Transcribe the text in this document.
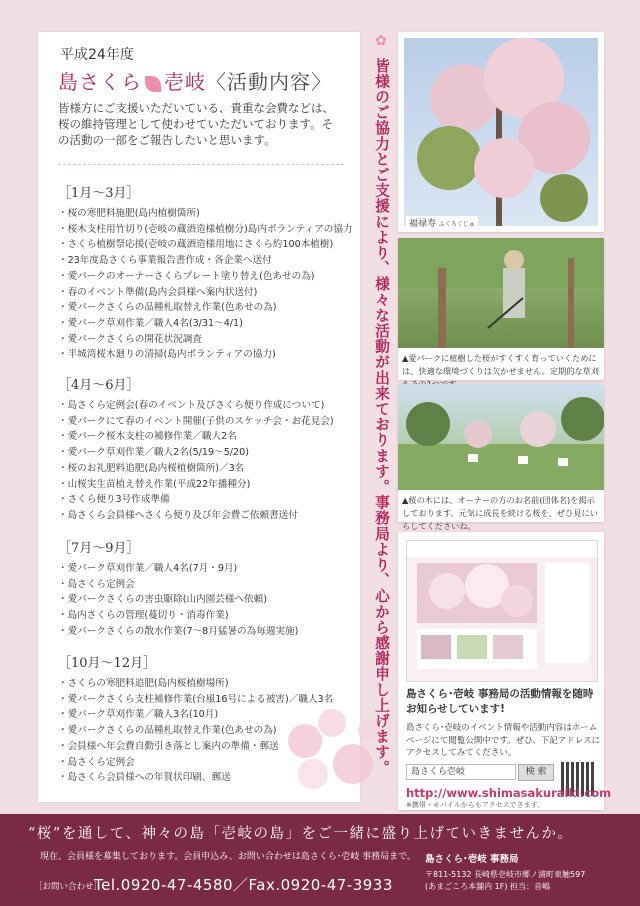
平成24年度
島さくら 壱岐〈活動内容〉
皆様方にご支援いただいている、貴重な会費などは、桜の維持管理として使わせていただいております。その活動の一部をご報告したいと思います。
［1月〜3月］
・桜の寒肥料施肥(島内植樹箇所)
・桜木支柱用竹切り(壱岐の蔵酒造様植樹分)島内ボランティアの協力
・さくら植樹祭応援(壱岐の蔵酒造様用地にさくら約100本植樹)
・23年度島さくら事業報告書作成・各企業へ送付
・愛パークのオーナーさくらプレート塗り替え(色あせの為)
・春のイベント準備(島内会員様へ案内状送付)
・愛パークさくらの品種札取替え作業(色あせの為)
・愛パーク草刈作業／職人4名(3/31〜4/1)
・愛パークさくらの開花状況調査
・半城湾桜木廻りの清掃(島内ボランティアの協力)
［4月〜6月］
・島さくら定例会(春のイベント及びさくら便り作成について)
・愛パークにて春のイベント開催(子供のスケッチ会・お花見会)
・愛パーク桜木支柱の補修作業／職人2名
・愛パーク草刈作業／職人2名(5/19〜5/20)
・桜のお礼肥料追肥(島内桜植樹箇所)／3名
・山桜実生苗植え替え作業(平成22年播種分)
・さくら便り3号作成準備
・島さくら会員様へさくら便り及び年会費ご依頼書送付
［7月〜9月］
・愛パーク草刈作業／職人4名(7月・9月)
・島さくら定例会
・愛パークさくらの害虫駆除(山内園芸様へ依頼)
・島内さくらの管理(蔓切り・消毒作業)
・愛パークさくらの散水作業(7〜8月猛暑の為毎週実施)
［10月〜12月］
・さくらの寒肥料追肥(島内桜植樹場所)
・愛パークさくら支柱補修作業(台風16号による被害)／職人3名
・愛パーク草刈作業／職人3名(10月)
・愛パークさくらの品種札取替え作業(色あせの為)
・会員様へ年会費自動引き落とし案内の準備・郵送
・島さくら定例会
・島さくら会員様への年賀状印刷、郵送
✿
皆様のご協力とご支援により、様々な活動が出来ております。事務局より、心から感謝申し上げます。	福禄寿 ふくろくじゅ
▲愛パークに植樹した桜がすくすく育っていくためには、快適な環境づくりは欠かせません。定期的な草刈
▲桜の木には、オーナーの方のお名前(団体名)を掲示しております。元気に成長を続ける桜を、ぜひ見にいらしてくださいね。
島さくら･壱岐 事務局の活動情報を随時お知らせしています!
島さくら･壱岐のイベント情報や活動内容はホームページにて閲覧公開中です。ぜひ、下記アドレスにアクセスしてみてください。
島さくら壱岐	検 索
http://www.shimasakuraiki.com
※携帯・モバイルからもアクセスできます。
“桜”を通して、神々の島「壱岐の島」をご一緒に盛り上げていきませんか。
現在、会員様を募集しております。会員申込み、お問い合わせは島さくら･壱岐 事務局まで。
［お問い合わせ］
Tel.0920-47-4580／Fax.0920-47-3933
島さくら･壱岐 事務局
〒811-5132 長崎県壱岐市郷ノ浦町東触597
(あまごころ本舗内 1F) 担当：音嶋
